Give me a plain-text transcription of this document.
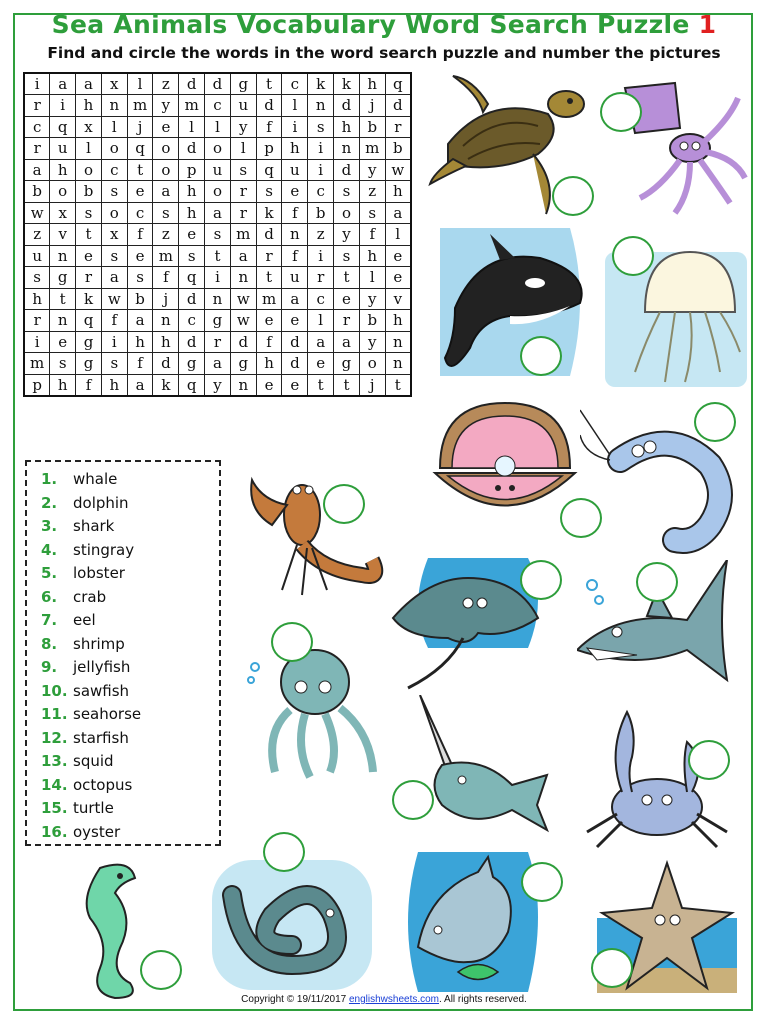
Sea Animals Vocabulary Word Search Puzzle 1
Find and circle the words in the word search puzzle and number the pictures
i	a	a	x	l	z	d	d	g	t	c	k	k	h	q
r	i	h	n	m	y	m	c	u	d	l	n	d	j	d
c	q	x	l	j	e	l	l	y	f	i	s	h	b	r
r	u	l	o	q	o	d	o	l	p	h	i	n	m	b
a	h	o	c	t	o	p	u	s	q	u	i	d	y	w
b	o	b	s	e	a	h	o	r	s	e	c	s	z	h
w	x	s	o	c	s	h	a	r	k	f	b	o	s	a
z	v	t	x	f	z	e	s	m	d	n	z	y	f	l
u	n	e	s	e	m	s	t	a	r	f	i	s	h	e
s	g	r	a	s	f	q	i	n	t	u	r	t	l	e
h	t	k	w	b	j	d	n	w	m	a	c	e	y	v
r	n	q	f	a	n	c	g	w	e	e	l	r	b	h
i	e	g	i	h	h	d	r	d	f	d	a	a	y	n
m	s	g	s	f	d	g	a	g	h	d	e	g	o	n
p	h	f	h	a	k	q	y	n	e	e	t	t	j	t
1. whale
2. dolphin
3. shark
4. stingray
5. lobster
6. crab
7. eel
8. shrimp
9. jellyfish
10. sawfish
11. seahorse
12. starfish
13. squid
14. octopus
15. turtle
16. oyster
Copyright © 19/11/2017 englishwsheets.com. All rights reserved.
